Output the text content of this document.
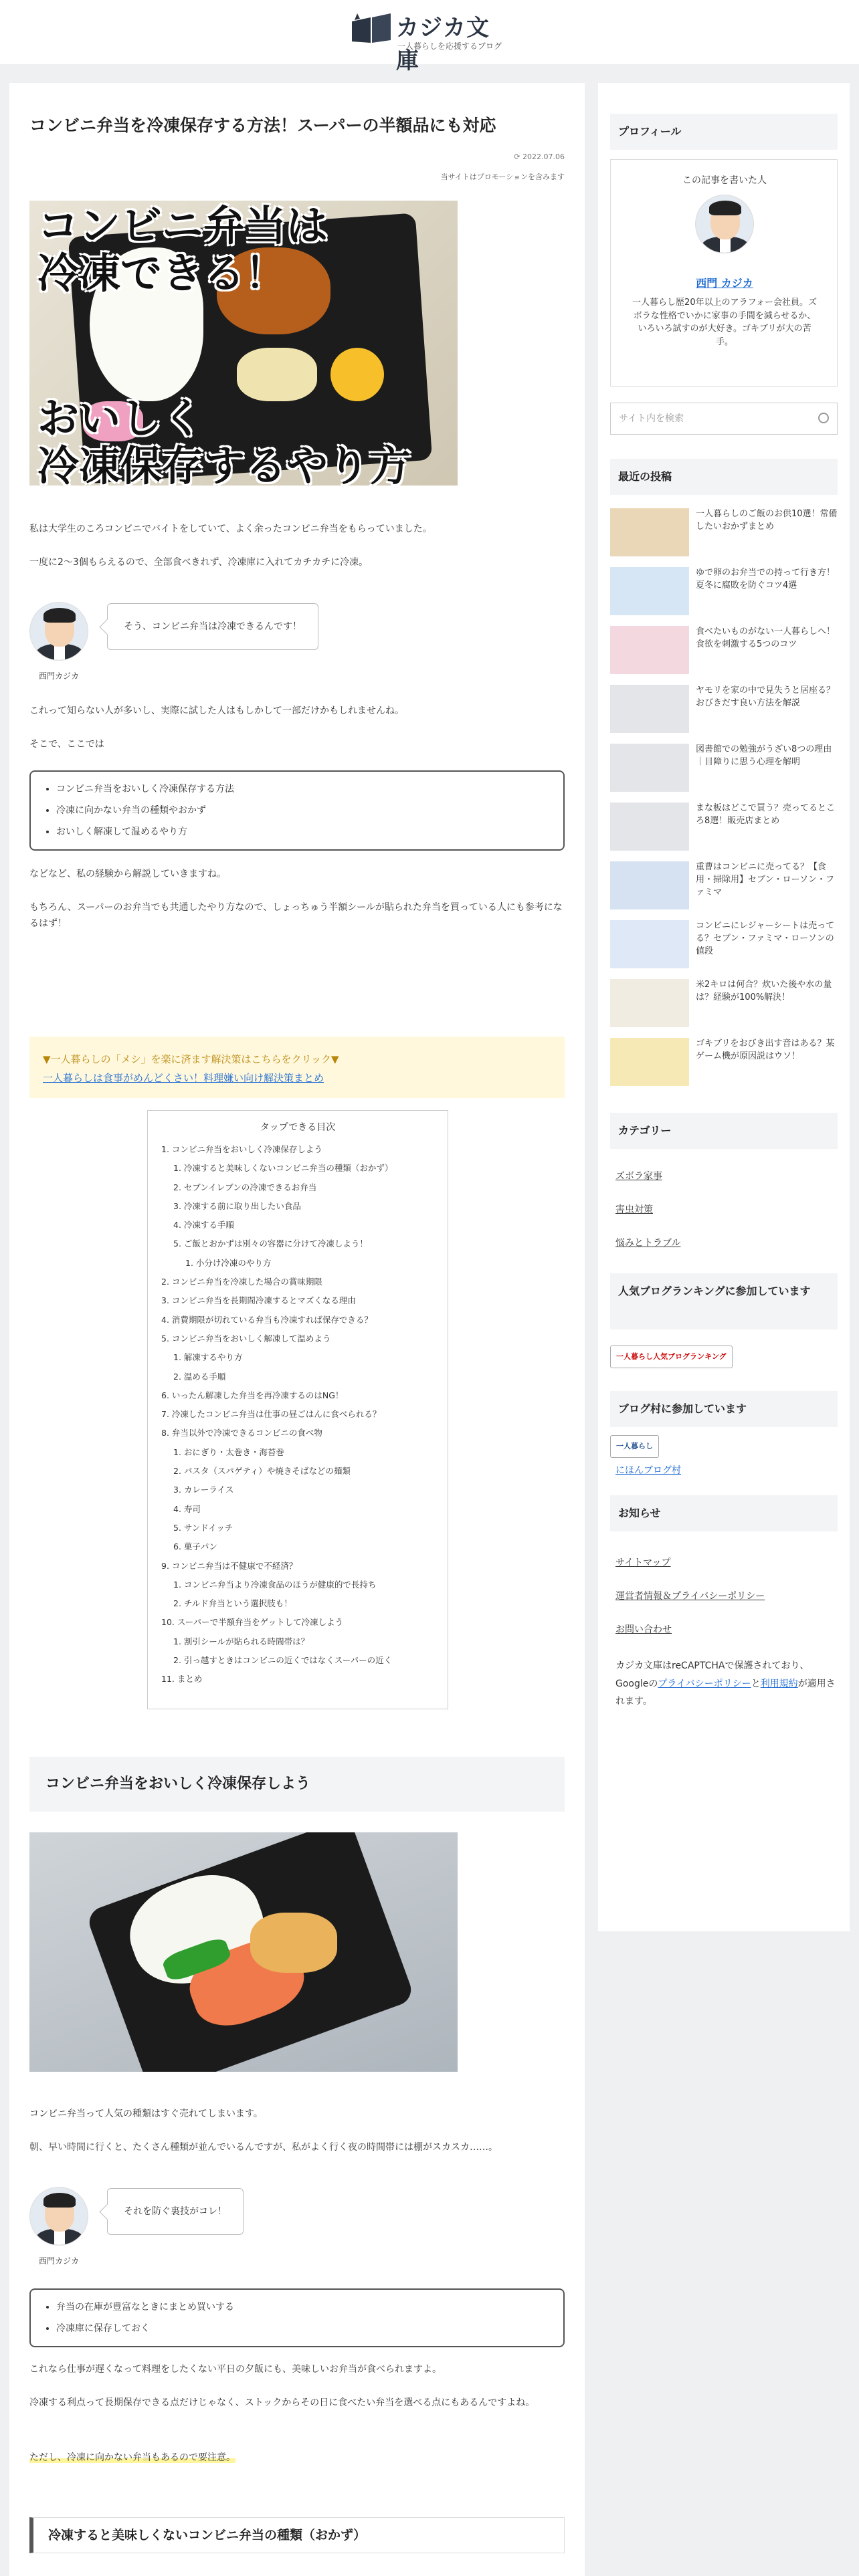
カジカ文庫
一人暮らしを応援するブログ
コンビニ弁当を冷凍保存する方法！スーパーの半額品にも対応
⟳ 2022.07.06
当サイトはプロモーションを含みます
コンビニ弁当は
冷凍できる！
おいしく
冷凍保存するやり方

私は大学生のころコンビニでバイトをしていて、よく余ったコンビニ弁当をもらっていました。

一度に2〜3個もらえるので、全部食べきれず、冷凍庫に入れてカチカチに冷凍。

西門カジカ
そう、コンビニ弁当は冷凍できるんです！

これって知らない人が多いし、実際に試した人はもしかして一部だけかもしれませんね。

そこで、ここでは

• コンビニ弁当をおいしく冷凍保存する方法
• 冷凍に向かない弁当の種類やおかず
• おいしく解凍して温めるやり方

などなど、私の経験から解説していきますね。

もちろん、スーパーのお弁当でも共通したやり方なので、しょっちゅう半額シールが貼られた弁当を買っている人にも参考になるはず！

▼一人暮らしの「メシ」を楽に済ます解決策はこちらをクリック▼
一人暮らしは食事がめんどくさい！料理嫌い向け解決策まとめ
タップできる目次
1. コンビニ弁当をおいしく冷凍保存しよう
1. 冷凍すると美味しくないコンビニ弁当の種類（おかず）
2. セブンイレブンの冷凍できるお弁当
3. 冷凍する前に取り出したい食品
4. 冷凍する手順
5. ご飯とおかずは別々の容器に分けて冷凍しよう！
1. 小分け冷凍のやり方
2. コンビニ弁当を冷凍した場合の賞味期限
3. コンビニ弁当を長期間冷凍するとマズくなる理由
4. 消費期限が切れている弁当も冷凍すれば保存できる？
5. コンビニ弁当をおいしく解凍して温めよう
1. 解凍するやり方
2. 温める手順
6. いったん解凍した弁当を再冷凍するのはNG！
7. 冷凍したコンビニ弁当は仕事の昼ごはんに食べられる？
8. 弁当以外で冷凍できるコンビニの食べ物
1. おにぎり・太巻き・海苔巻
2. パスタ（スパゲティ）や焼きそばなどの麺類
3. カレーライス
4. 寿司
5. サンドイッチ
6. 菓子パン
9. コンビニ弁当は不健康で不経済？
1. コンビニ弁当より冷凍食品のほうが健康的で長持ち
2. チルド弁当という選択肢も！
10. スーパーで半額弁当をゲットして冷凍しよう
1. 割引シールが貼られる時間帯は？
2. 引っ越すときはコンビニの近くではなくスーパーの近く
11. まとめ
コンビニ弁当をおいしく冷凍保存しよう

コンビニ弁当って人気の種類はすぐ売れてしまいます。

朝、早い時間に行くと、たくさん種類が並んでいるんですが、私がよく行く夜の時間帯には棚がスカスカ……。

西門カジカ
それを防ぐ裏技がコレ！
• 弁当の在庫が豊富なときにまとめ買いする
• 冷凍庫に保存しておく

これなら仕事が遅くなって料理をしたくない平日の夕飯にも、美味しいお弁当が食べられますよ。

冷凍する利点って長期保存できる点だけじゃなく、ストックからその日に食べたい弁当を選べる点にもあるんですよね。

ただし、冷凍に向かない弁当もあるので要注意。

冷凍すると美味しくないコンビニ弁当の種類（おかず）
プロフィール
この記事を書いた人
西門 カジカ
一人暮らし歴20年以上のアラフォー会社員。ズボラな性格でいかに家事の手間を減らせるか、いろいろ試すのが大好き。ゴキブリが大の苦手。
サイト内を検索
最近の投稿
一人暮らしのご飯のお供10選！常備したいおかずまとめ
ゆで卵のお弁当での持って行き方！夏冬に腐敗を防ぐコツ4選
食べたいものがない一人暮らしへ！食欲を刺激する5つのコツ
ヤモリを家の中で見失うと居座る？おびきだす良い方法を解説
図書館での勉強がうざい8つの理由｜目障りに思う心理を解明
まな板はどこで買う？売ってるところ8選！販売店まとめ
重曹はコンビニに売ってる？【食用・掃除用】セブン・ローソン・ファミマ
コンビニにレジャーシートは売ってる？セブン・ファミマ・ローソンの値段
米2キロは何合？炊いた後や水の量は？経験が100%解決！
ゴキブリをおびき出す音はある？某ゲーム機が原因説はウソ！
カテゴリー
ズボラ家事
害虫対策
悩みとトラブル
人気ブログランキングに参加しています
一人暮らし人気ブログランキング
ブログ村に参加しています
一人暮らし
にほんブログ村
お知らせ
サイトマップ
運営者情報＆プライバシーポリシー
お問い合わせ
カジカ文庫はreCAPTCHAで保護されており、Googleのプライバシーポリシーと利用規約が適用されます。
